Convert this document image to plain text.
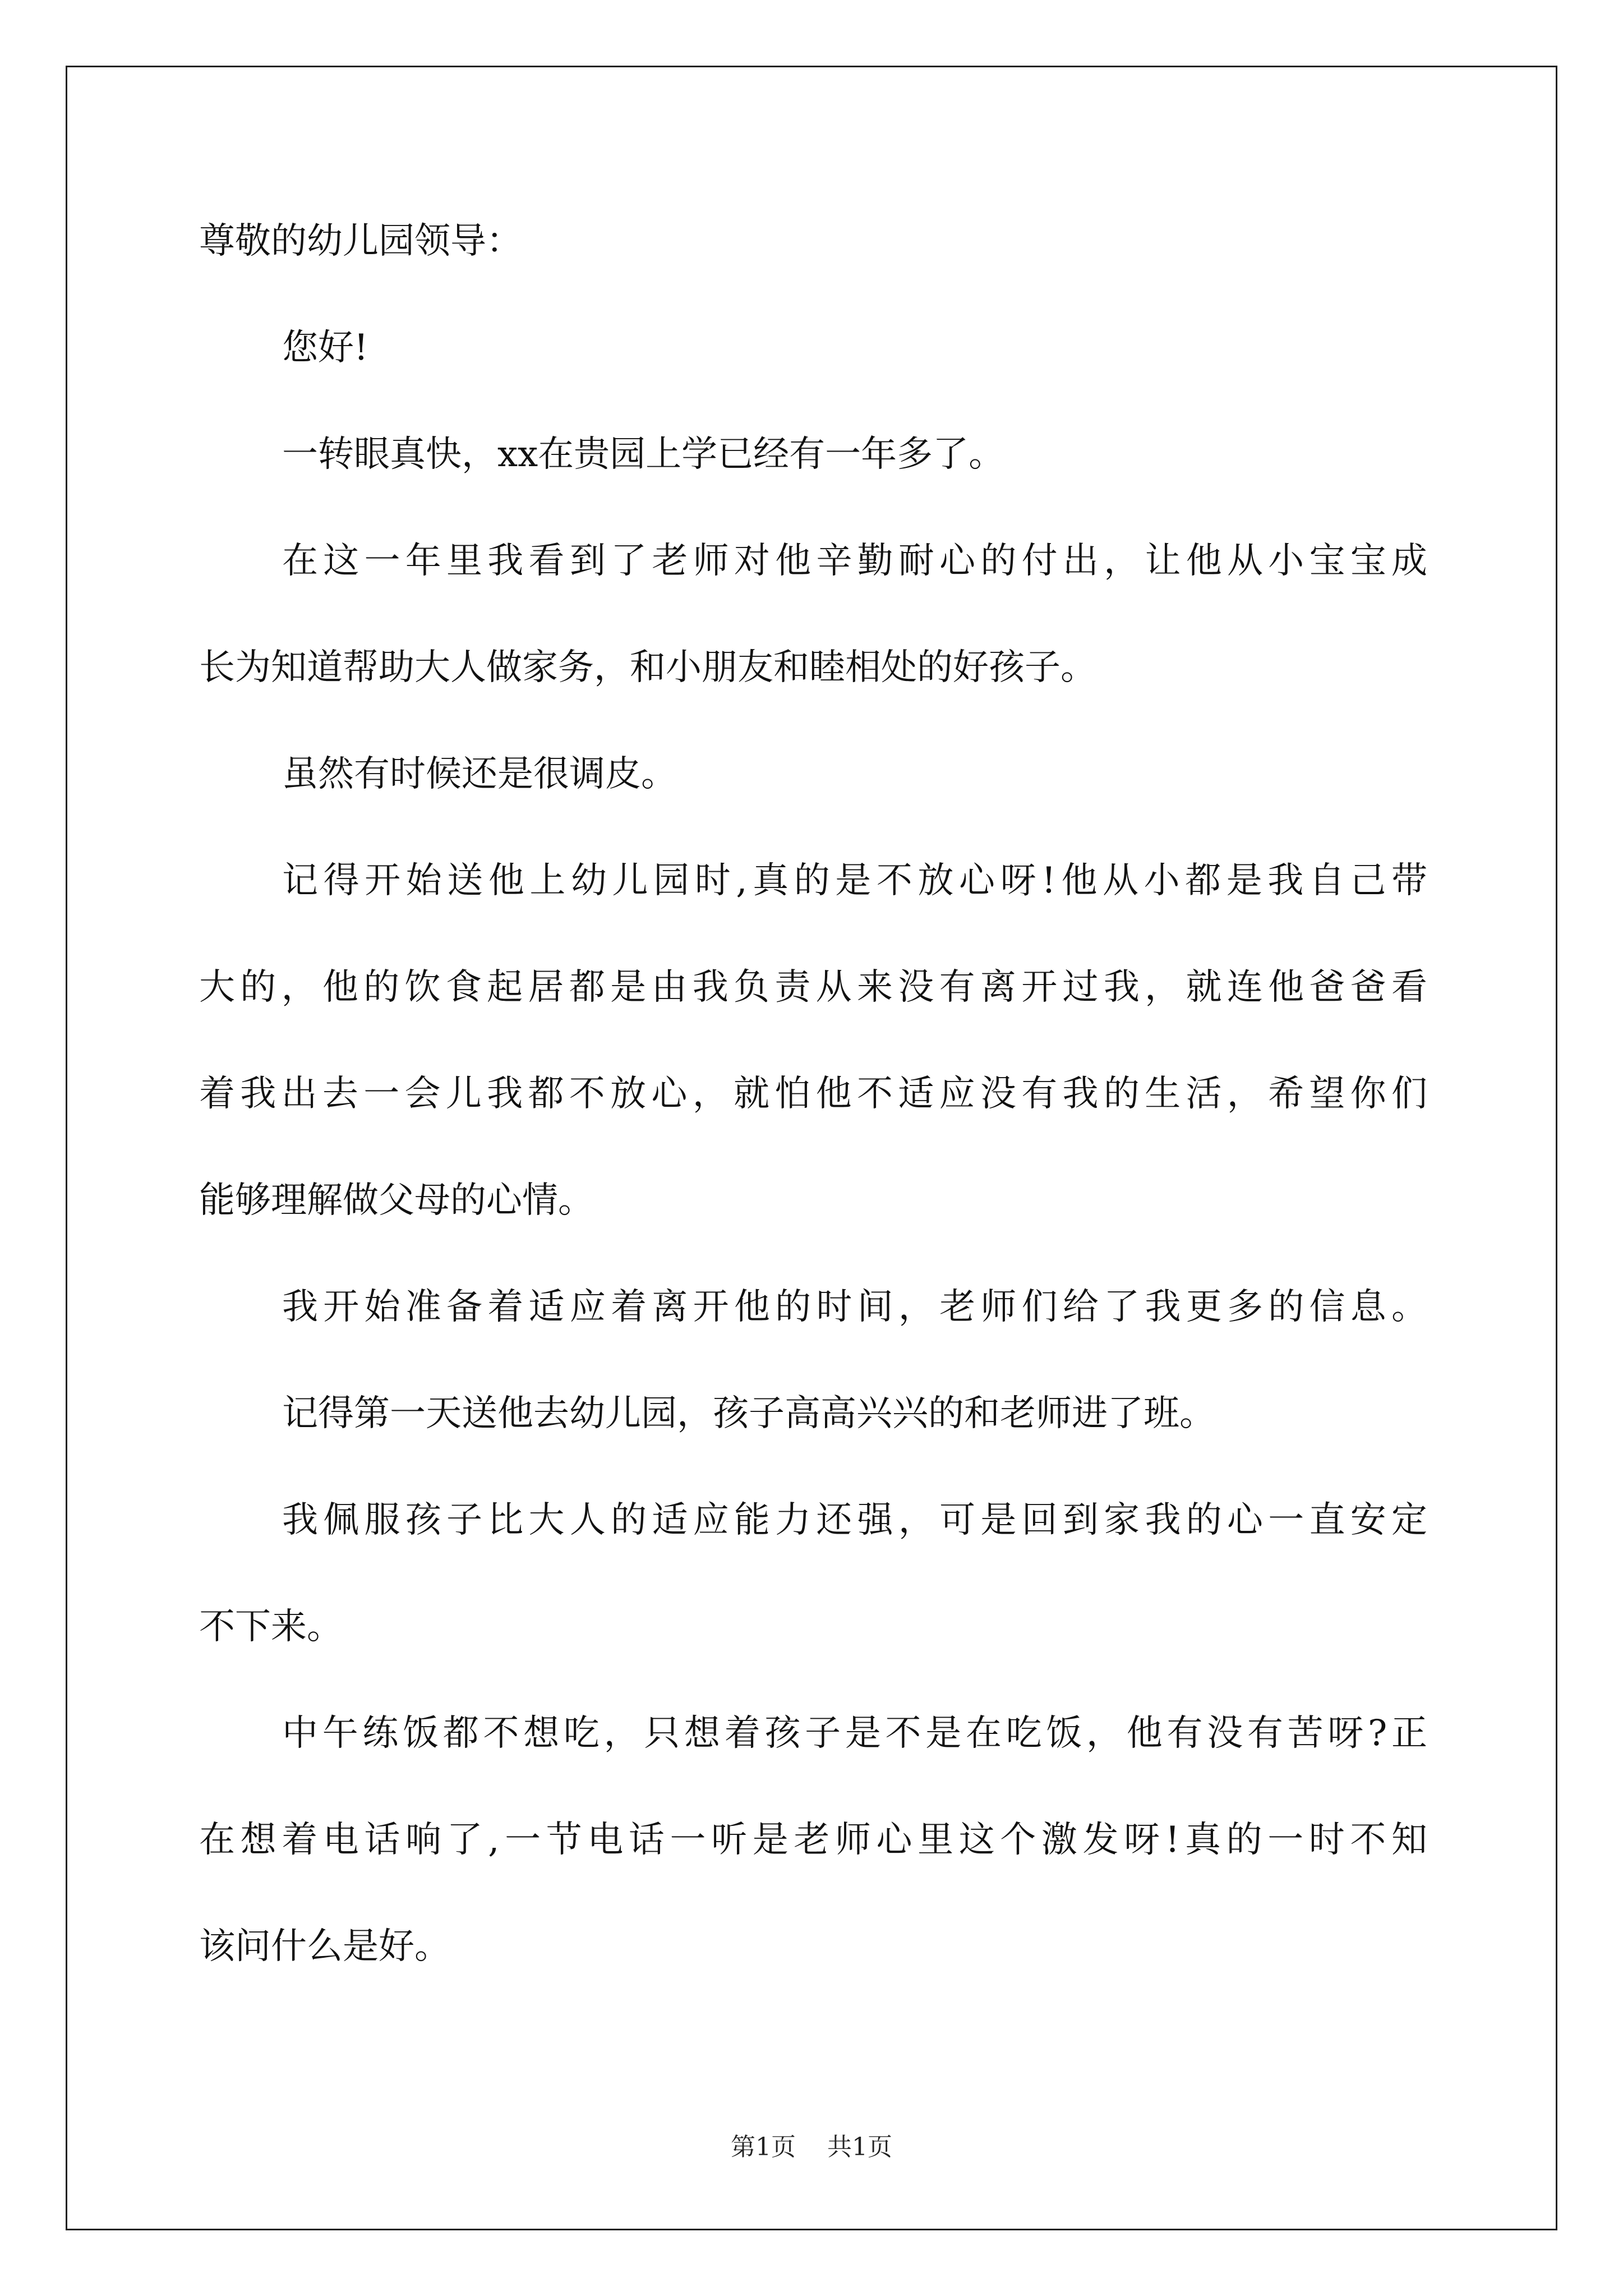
尊敬的幼儿园领导：
您好!
一转眼真快，xx在贵园上学已经有一年多了。
在这一年里我看到了老师对他辛勤耐心的付出，让他从小宝宝成
长为知道帮助大人做家务，和小朋友和睦相处的好孩子。
虽然有时候还是很调皮。
记得开始送他上幼儿园时,真的是不放心呀!他从小都是我自己带
大的，他的饮食起居都是由我负责从来没有离开过我，就连他爸爸看
着我出去一会儿我都不放心，就怕他不适应没有我的生活，希望你们
能够理解做父母的心情。
我开始准备着适应着离开他的时间，老师们给了我更多的信息。
记得第一天送他去幼儿园，孩子高高兴兴的和老师进了班。
我佩服孩子比大人的适应能力还强，可是回到家我的心一直安定
不下来。
中午练饭都不想吃，只想着孩子是不是在吃饭，他有没有苦呀?正
在想着电话响了,一节电话一听是老师心里这个激发呀!真的一时不知
该问什么是好。
第1页 共1页
